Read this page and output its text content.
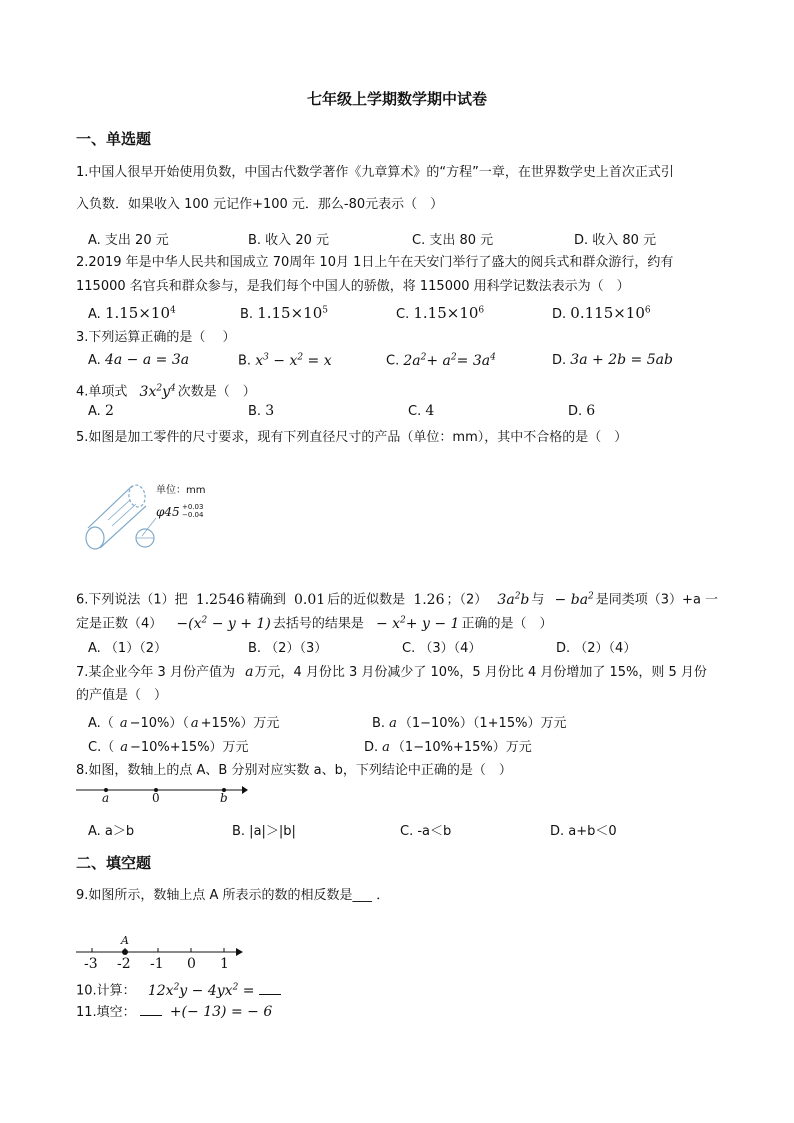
七年级上学期数学期中试卷
一、单选题
1.中国人很早开始使用负数，中国古代数学著作《九章算术》的“方程”一章，在世界数学史上首次正式引
入负数．如果收入 100 元记作+100 元．那么-80元表示（　）
A. 支出 20 元	B. 收入 20 元	C. 支出 80 元	D. 收入 80 元
2.2019 年是中华人民共和国成立 70周年 10月 1日上午在天安门举行了盛大的阅兵式和群众游行，约有
115000 名官兵和群众参与，是我们每个中国人的骄傲，将 115000 用科学记数法表示为（　）
A. $1.15\times 10^4$	B. $1.15\times 10^5$	C. $1.15\times 10^6$	D. $0.115\times 10^6$
3.下列运算正确的是（　 ）
A. 4a − a = 3a	B. $x^3 - x^2 = x$	C. $2a^2+ a^2= 3a^4$	D. 3a + 2b = 5ab
4.单项式 $3x^2y^4$ 次数是（　）
A. 2	B. 3	C. 4	D. 6
5.如图是加工零件的尺寸要求，现有下列直径尺寸的产品（单位：mm），其中不合格的是（　）
单位：mm
φ45 +0.03
−0.04
6.下列说法（1）把 1.2546 精确到 0.01 后的近似数是 1.26 ；（2） $3a^2b$ 与 − $ba^2$ 是同类项（3）+a 一
定是正数$(4) -(x^2 - y + 1)$ 去括号的结果是 − $x^2+ y - 1$ 正确的是（　）
A. （1）（2）	B. （2）（3）	C. （3）（4）	D. （2）（4）
7.某企业今年 3 月份产值为 a万元，4 月份比 3 月份减少了 10%，5 月份比 4 月份增加了 15%，则 5 月份
的产值是（　）
A.（ a −10%）（ a +15%）万元	B. a （1−10%）（1+15%）万元
C.（ a −10%+15%）万元	D. a （1−10%+15%）万元
8.如图，数轴上的点 A、B 分别对应实数 a、b，下列结论中正确的是（　）
a	0	b
A. a＞b	B. |a|＞|b|	C. -a＜b	D. a+b＜0
二、填空题
9.如图所示，数轴上点 A 所表示的数的相反数是___ ．
A
-3 -2 -1 0 1
10.计算： $12x^2y - 4yx^2$ =
11.填空： +(− 13) = − 6
